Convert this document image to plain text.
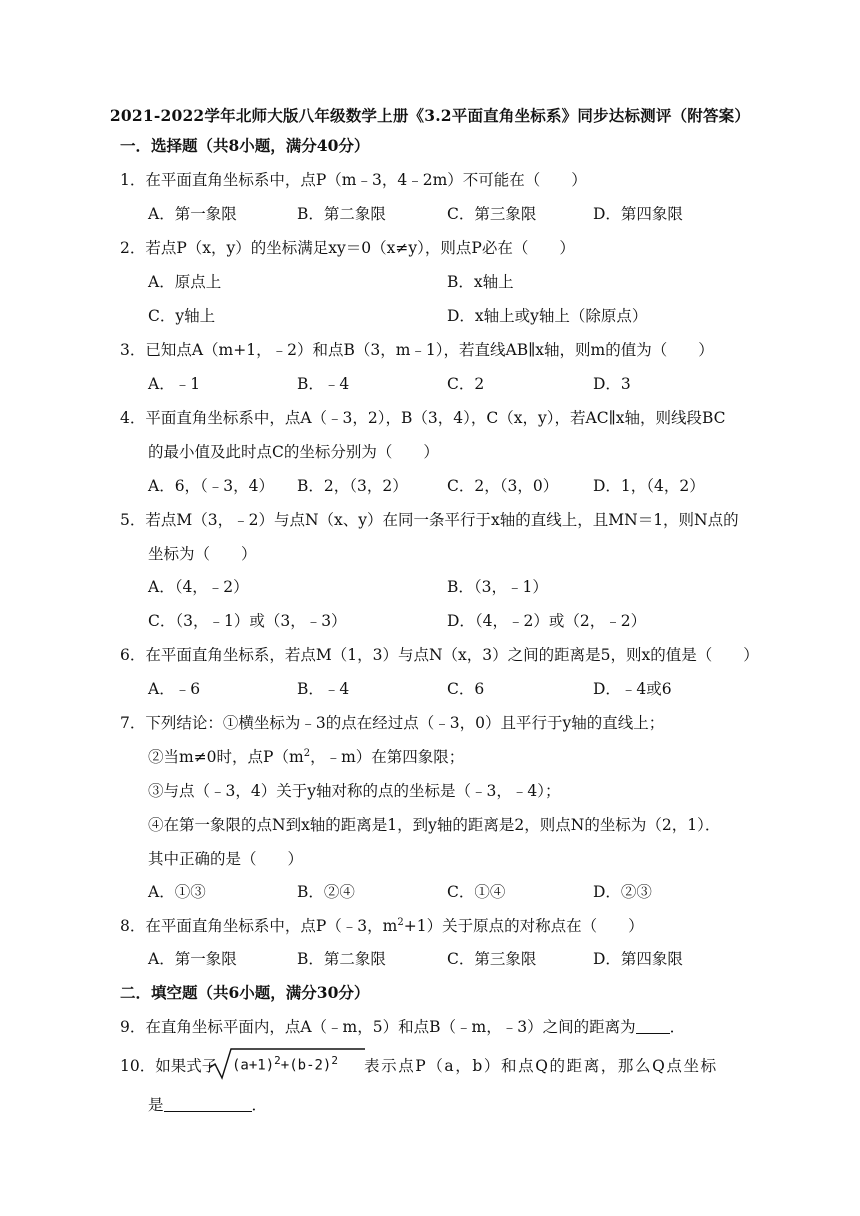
2021-2022学年北师大版八年级数学上册《3.2平面直角坐标系》同步达标测评（附答案）
一．选择题（共8小题，满分40分）
1．在平面直角坐标系中，点P（m﹣3，4﹣2m）不可能在（　　）
A．第一象限	B．第二象限	C．第三象限	D．第四象限
2．若点P（x，y）的坐标满足xy＝0（x≠y），则点P必在（　　）
A．原点上	B．x轴上
C．y轴上	D．x轴上或y轴上（除原点）
3．已知点A（m+1，﹣2）和点B（3，m﹣1），若直线AB∥x轴，则m的值为（　　）
A．﹣1	B．﹣4	C．2	D．3
4．平面直角坐标系中，点A（﹣3，2），B（3，4），C（x，y），若AC∥x轴，则线段BC
的最小值及此时点C的坐标分别为（　　）
A．6，（﹣3，4） B．2，（3，2）	C．2，（3，0） D．1，（4，2）
5．若点M（3，﹣2）与点N（x、y）在同一条平行于x轴的直线上，且MN＝1，则N点的
坐标为（　　）
A．（4，﹣2）	B．（3，﹣1）
C．（3，﹣1）或（3，﹣3）	D．（4，﹣2）或（2，﹣2）
6．在平面直角坐标系，若点M（1，3）与点N（x，3）之间的距离是5，则x的值是（　　）
A．﹣6	B．﹣4	C．6	D．﹣4或6
7．下列结论：①横坐标为﹣3的点在经过点（﹣3，0）且平行于y轴的直线上；
②当m≠0时，点$P(m^2$，﹣m）在第四象限；
③与点（﹣3，4）关于y轴对称的点的坐标是（﹣3，﹣4）；
④在第一象限的点N到x轴的距离是1，到y轴的距离是2，则点N的坐标为（2，1）．
其中正确的是（　　）
A．①③	B．②④	C．①④	D．②③
8．在平面直角坐标系中，点P（﹣3，$m^2+1$）关于原点的对称点在（　　）
A．第一象限	B．第二象限	C．第三象限	D．第四象限
二．填空题（共6小题，满分30分）
9．在直角坐标平面内，点A（﹣m，5）和点B（﹣m，﹣3）之间的距离为 ．
10．如果式子 $(a+1)^2+(b-2)^2$ 表示点P（a，b）和点Q的距离，那么Q点坐标
是	．
